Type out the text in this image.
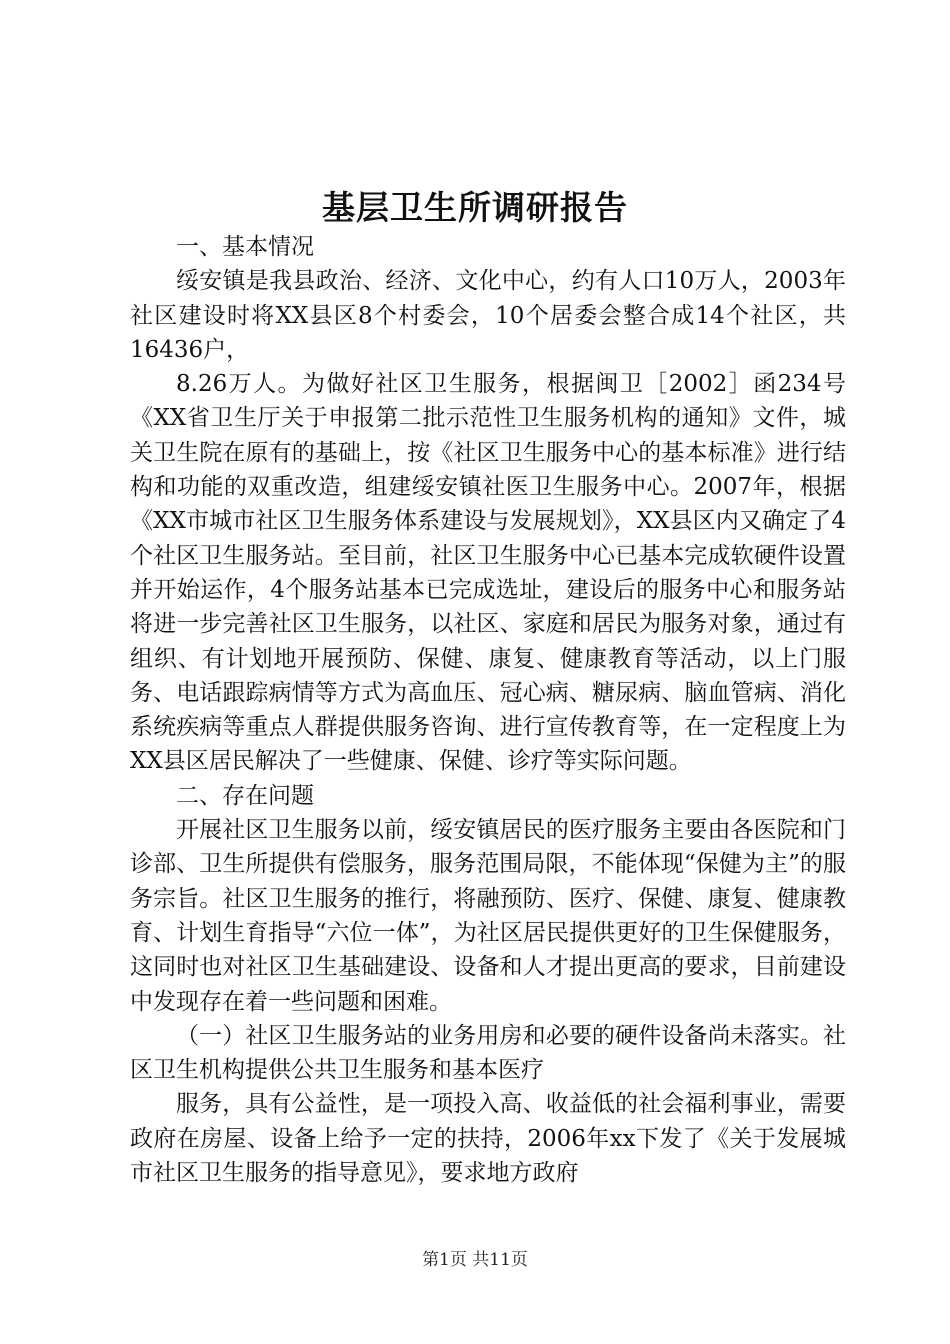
基层卫生所调研报告

一、基本情况

绥安镇是我县政治、经济、文化中心，约有人口10万人，2003年社区建设时将XX县区8个村委会，10个居委会整合成14个社区，共16436户，

8.26万人。为做好社区卫生服务，根据闽卫［2002］函234号《XX省卫生厅关于申报第二批示范性卫生服务机构的通知》文件，城关卫生院在原有的基础上，按《社区卫生服务中心的基本标准》进行结构和功能的双重改造，组建绥安镇社医卫生服务中心。2007年，根据《XX市城市社区卫生服务体系建设与发展规划》，XX县区内又确定了4个社区卫生服务站。至目前，社区卫生服务中心已基本完成软硬件设置并开始运作，4个服务站基本已完成选址，建设后的服务中心和服务站将进一步完善社区卫生服务，以社区、家庭和居民为服务对象，通过有组织、有计划地开展预防、保健、康复、健康教育等活动，以上门服务、电话跟踪病情等方式为高血压、冠心病、糖尿病、脑血管病、消化系统疾病等重点人群提供服务咨询、进行宣传教育等，在一定程度上为XX县区居民解决了一些健康、保健、诊疗等实际问题。

二、存在问题

开展社区卫生服务以前，绥安镇居民的医疗服务主要由各医院和门诊部、卫生所提供有偿服务，服务范围局限，不能体现“保健为主”的服务宗旨。社区卫生服务的推行，将融预防、医疗、保健、康复、健康教育、计划生育指导“六位一体”，为社区居民提供更好的卫生保健服务，这同时也对社区卫生基础建设、设备和人才提出更高的要求，目前建设中发现存在着一些问题和困难。

（一）社区卫生服务站的业务用房和必要的硬件设备尚未落实。社区卫生机构提供公共卫生服务和基本医疗

服务，具有公益性，是一项投入高、收益低的社会福利事业，需要政府在房屋、设备上给予一定的扶持，2006年xx下发了《关于发展城市社区卫生服务的指导意见》，要求地方政府

第1页 共11页
